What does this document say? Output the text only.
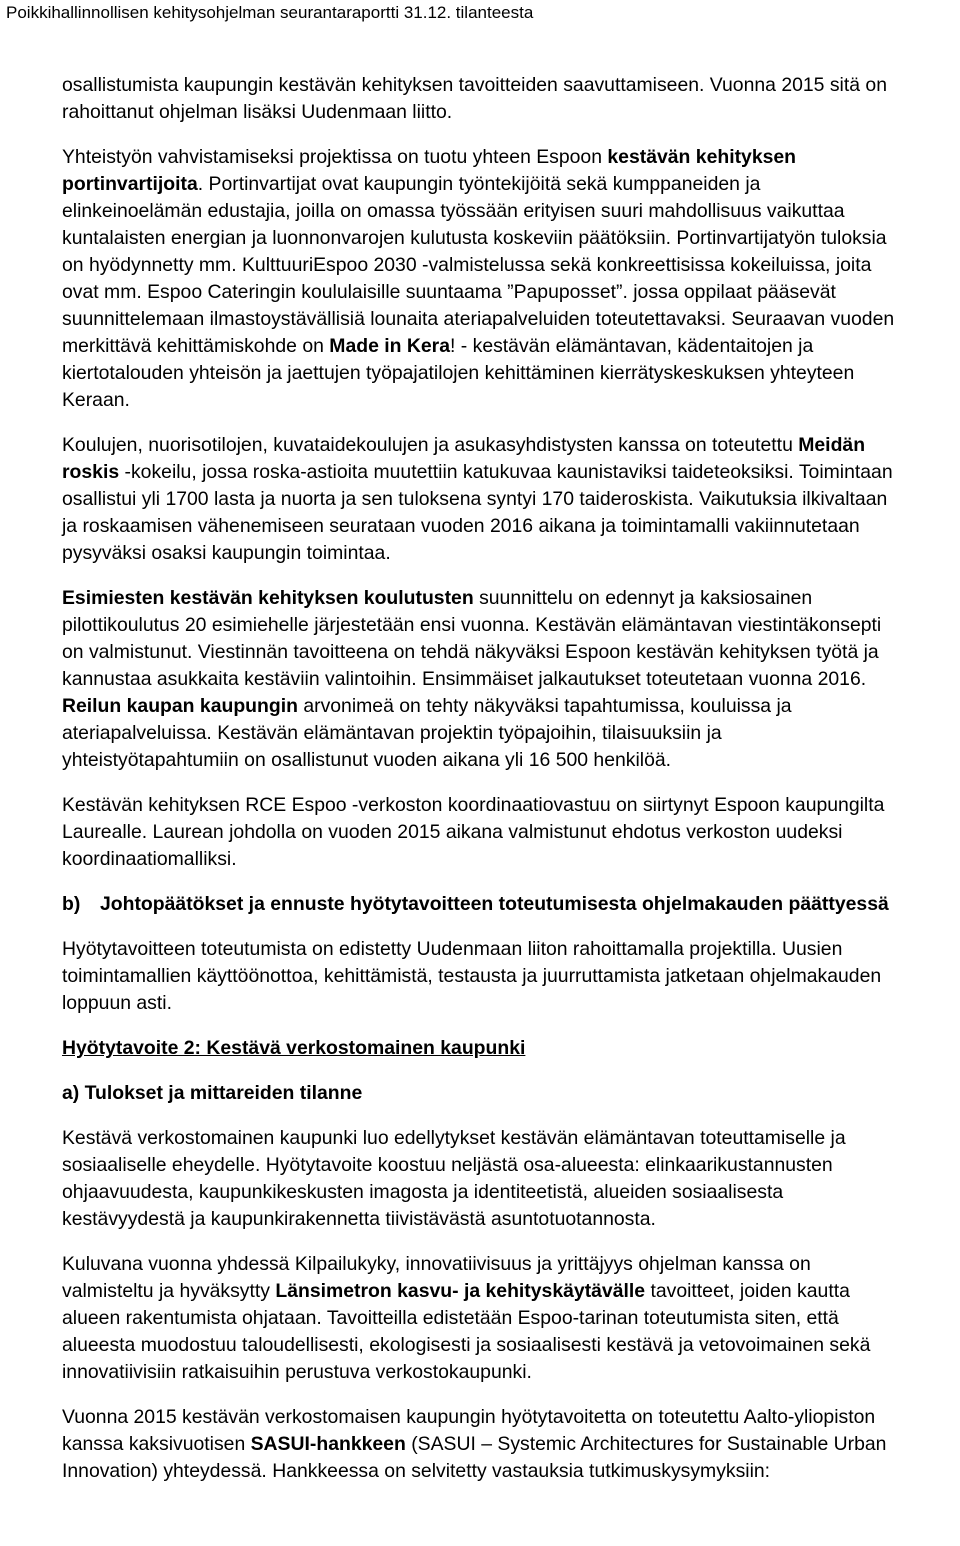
Poikkihallinnollisen kehitysohjelman seurantaraportti 31.12. tilanteesta

osallistumista kaupungin kestävän kehityksen tavoitteiden saavuttamiseen. Vuonna 2015 sitä on rahoittanut ohjelman lisäksi Uudenmaan liitto.

Yhteistyön vahvistamiseksi projektissa on tuotu yhteen Espoon kestävän kehityksen portinvartijoita. Portinvartijat ovat kaupungin työntekijöitä sekä kumppaneiden ja elinkeinoelämän edustajia, joilla on omassa työssään erityisen suuri mahdollisuus vaikuttaa kuntalaisten energian ja luonnonvarojen kulutusta koskeviin päätöksiin. Portinvartijatyön tuloksia on hyödynnetty mm. KulttuuriEspoo 2030 -valmistelussa sekä konkreettisissa kokeiluissa, joita ovat mm. Espoo Cateringin koululaisille suuntaama ”Papuposset”. jossa oppilaat pääsevät suunnittelemaan ilmastoystävällisiä lounaita ateriapalveluiden toteutettavaksi. Seuraavan vuoden merkittävä kehittämiskohde on Made in Kera! - kestävän elämäntavan, kädentaitojen ja kiertotalouden yhteisön ja jaettujen työpajatilojen kehittäminen kierrätyskeskuksen yhteyteen Keraan.

Koulujen, nuorisotilojen, kuvataidekoulujen ja asukasyhdistysten kanssa on toteutettu Meidän roskis -kokeilu, jossa roska-astioita muutettiin katukuvaa kaunistaviksi taideteoksiksi. Toimintaan osallistui yli 1700 lasta ja nuorta ja sen tuloksena syntyi 170 taideroskista. Vaikutuksia ilkivaltaan ja roskaamisen vähenemiseen seurataan vuoden 2016 aikana ja toimintamalli vakiinnutetaan pysyväksi osaksi kaupungin toimintaa.

Esimiesten kestävän kehityksen koulutusten suunnittelu on edennyt ja kaksiosainen pilottikoulutus 20 esimiehelle järjestetään ensi vuonna. Kestävän elämäntavan viestintäkonsepti on valmistunut. Viestinnän tavoitteena on tehdä näkyväksi Espoon kestävän kehityksen työtä ja kannustaa asukkaita kestäviin valintoihin. Ensimmäiset jalkautukset toteutetaan vuonna 2016. Reilun kaupan kaupungin arvonimeä on tehty näkyväksi tapahtumissa, kouluissa ja ateriapalveluissa. Kestävän elämäntavan projektin työpajoihin, tilaisuuksiin ja yhteistyötapahtumiin on osallistunut vuoden aikana yli 16 500 henkilöä.

Kestävän kehityksen RCE Espoo -verkoston koordinaatiovastuu on siirtynyt Espoon kaupungilta Laurealle. Laurean johdolla on vuoden 2015 aikana valmistunut ehdotus verkoston uudeksi koordinaatiomalliksi.

b)	Johtopäätökset ja ennuste hyötytavoitteen toteutumisesta ohjelmakauden päättyessä

Hyötytavoitteen toteutumista on edistetty Uudenmaan liiton rahoittamalla projektilla. Uusien toimintamallien käyttöönottoa, kehittämistä, testausta ja juurruttamista jatketaan ohjelmakauden loppuun asti.

Hyötytavoite 2: Kestävä verkostomainen kaupunki
a) Tulokset ja mittareiden tilanne

Kestävä verkostomainen kaupunki luo edellytykset kestävän elämäntavan toteuttamiselle ja sosiaaliselle eheydelle. Hyötytavoite koostuu neljästä osa-alueesta: elinkaarikustannusten ohjaavuudesta, kaupunkikeskusten imagosta ja identiteetistä, alueiden sosiaalisesta kestävyydestä ja kaupunkirakennetta tiivistävästä asuntotuotannosta.

Kuluvana vuonna yhdessä Kilpailukyky, innovatiivisuus ja yrittäjyys ohjelman kanssa on valmisteltu ja hyväksytty Länsimetron kasvu- ja kehityskäytävälle tavoitteet, joiden kautta alueen rakentumista ohjataan. Tavoitteilla edistetään Espoo-tarinan toteutumista siten, että alueesta muodostuu taloudellisesti, ekologisesti ja sosiaalisesti kestävä ja vetovoimainen sekä innovatiivisiin ratkaisuihin perustuva verkostokaupunki.

Vuonna 2015 kestävän verkostomaisen kaupungin hyötytavoitetta on toteutettu Aalto-yliopiston kanssa kaksivuotisen SASUI-hankkeen (SASUI – Systemic Architectures for Sustainable Urban Innovation) yhteydessä. Hankkeessa on selvitetty vastauksia tutkimuskysymyksiin:
